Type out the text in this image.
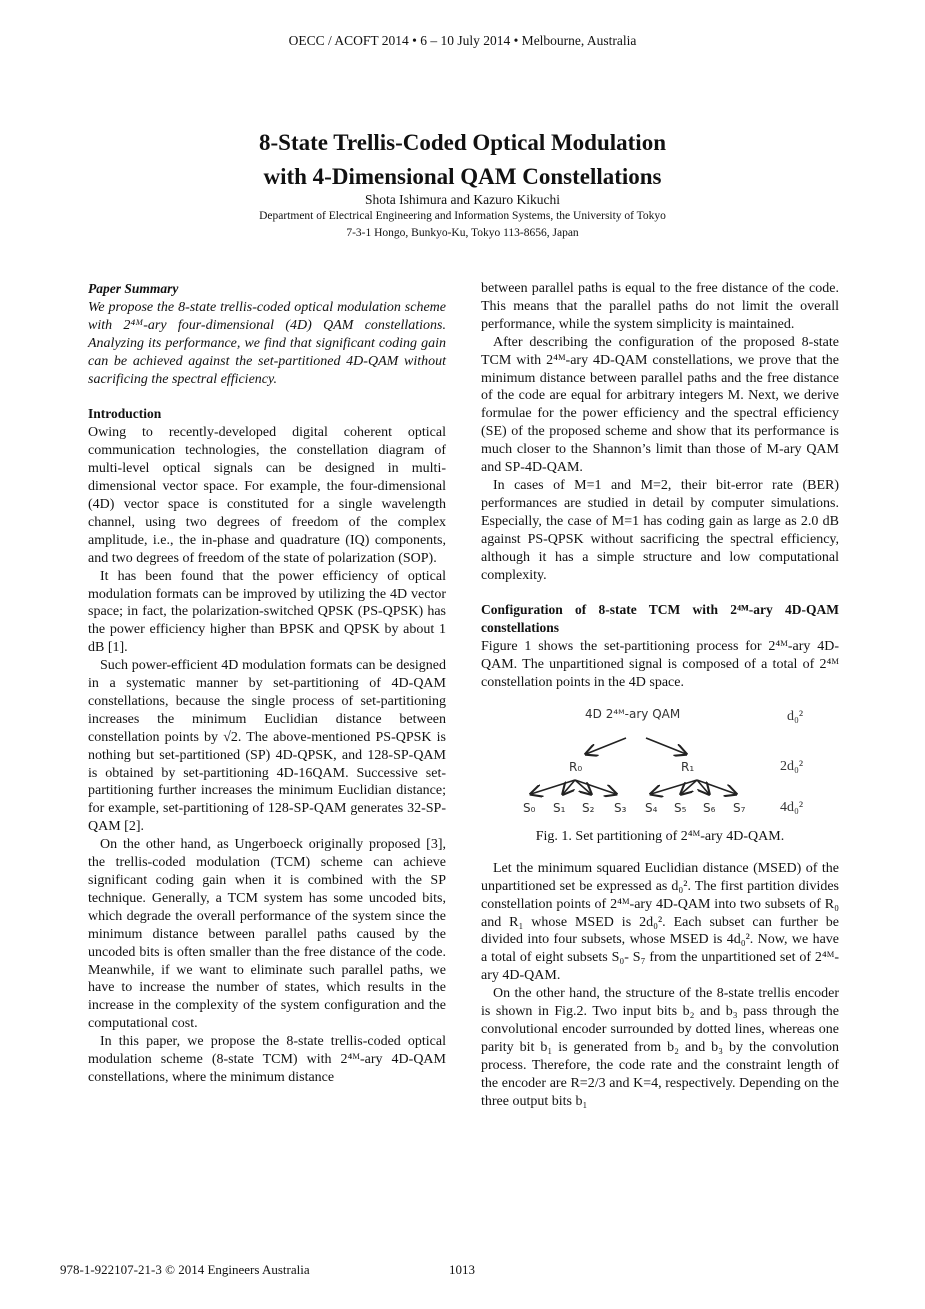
OECC / ACOFT 2014 • 6 – 10 July 2014 • Melbourne, Australia
8-State Trellis-Coded Optical Modulation
with 4-Dimensional QAM Constellations
Shota Ishimura and Kazuro Kikuchi
Department of Electrical Engineering and Information Systems, the University of Tokyo
7-3-1 Hongo, Bunkyo-Ku, Tokyo 113-8656, Japan
Paper Summary

We propose the 8-state trellis-coded optical modulation scheme with 2⁴ᴹ-ary four-dimensional (4D) QAM constellations. Analyzing its performance, we find that significant coding gain can be achieved against the set-partitioned 4D-QAM without sacrificing the spectral efficiency.

Introduction

Owing to recently-developed digital coherent optical communication technologies, the constellation diagram of multi-level optical signals can be designed in multi-dimensional vector space. For example, the four-dimensional (4D) vector space is constituted for a single wavelength channel, using two degrees of freedom of the complex amplitude, i.e., the in-phase and quadrature (IQ) components, and two degrees of freedom of the state of polarization (SOP).

It has been found that the power efficiency of optical modulation formats can be improved by utilizing the 4D vector space; in fact, the polarization-switched QPSK (PS-QPSK) has the power efficiency higher than BPSK and QPSK by about 1 dB [1].

Such power-efficient 4D modulation formats can be designed in a systematic manner by set-partitioning of 4D-QAM constellations, because the single process of set-partitioning increases the minimum Euclidian distance between constellation points by √2. The above-mentioned PS-QPSK is nothing but set-partitioned (SP) 4D-QPSK, and 128-SP-QAM is obtained by set-partitioning 4D-16QAM. Successive set-partitioning further increases the minimum Euclidian distance; for example, set-partitioning of 128-SP-QAM generates 32-SP-QAM [2].

On the other hand, as Ungerboeck originally proposed [3], the trellis-coded modulation (TCM) scheme can achieve significant coding gain when it is combined with the SP technique. Generally, a TCM system has some uncoded bits, which degrade the overall performance of the system since the minimum distance between parallel paths caused by the uncoded bits is often smaller than the free distance of the code. Meanwhile, if we want to eliminate such parallel paths, we have to increase the number of states, which results in the increase in the complexity of the system configuration and the computational cost.

In this paper, we propose the 8-state trellis-coded optical modulation scheme (8-state TCM) with 2⁴ᴹ-ary 4D-QAM constellations, where the minimum distance

between parallel paths is equal to the free distance of the code. This means that the parallel paths do not limit the overall performance, while the system simplicity is maintained.

After describing the configuration of the proposed 8-state TCM with 2⁴ᴹ-ary 4D-QAM constellations, we prove that the minimum distance between parallel paths and the free distance of the code are equal for arbitrary integers M. Next, we derive formulae for the power efficiency and the spectral efficiency (SE) of the proposed scheme and show that its performance is much closer to the Shannon’s limit than those of M-ary QAM and SP-4D-QAM.

In cases of M=1 and M=2, their bit-error rate (BER) performances are studied in detail by computer simulations. Especially, the case of M=1 has coding gain as large as 2.0 dB against PS-QPSK without sacrificing the spectral efficiency, although it has a simple structure and low computational complexity.

Configuration of 8-state TCM with 2⁴ᴹ-ary 4D-QAM constellations

Figure 1 shows the set-partitioning process for 2⁴ᴹ-ary 4D-QAM. The unpartitioned signal is composed of a total of 2⁴ᴹ constellation points in the 4D space.

4D 2⁴ᴹ-ary QAM
R₀	R₁
S₀ S₁ S₂ S₃ S₄ S₅ S₆ S₇
d₀²
2d₀²
4d₀²
Fig. 1. Set partitioning of 2⁴ᴹ-ary 4D-QAM.

Let the minimum squared Euclidian distance (MSED) of the unpartitioned set be expressed as d₀². The first partition divides constellation points of 2⁴ᴹ-ary 4D-QAM into two subsets of R₀ and R₁ whose MSED is 2d₀². Each subset can further be divided into four subsets, whose MSED is 4d₀². Now, we have a total of eight subsets S₀- S₇ from the unpartitioned set of 2⁴ᴹ-ary 4D-QAM.

On the other hand, the structure of the 8-state trellis encoder is shown in Fig.2. Two input bits b₂ and b₃ pass through the convolutional encoder surrounded by dotted lines, whereas one parity bit b₁ is generated from b₂ and b₃ by the convolution process. Therefore, the code rate and the constraint length of the encoder are R=2/3 and K=4, respectively. Depending on the three output bits b₁

978-1-922107-21-3 © 2014 Engineers Australia	1013
